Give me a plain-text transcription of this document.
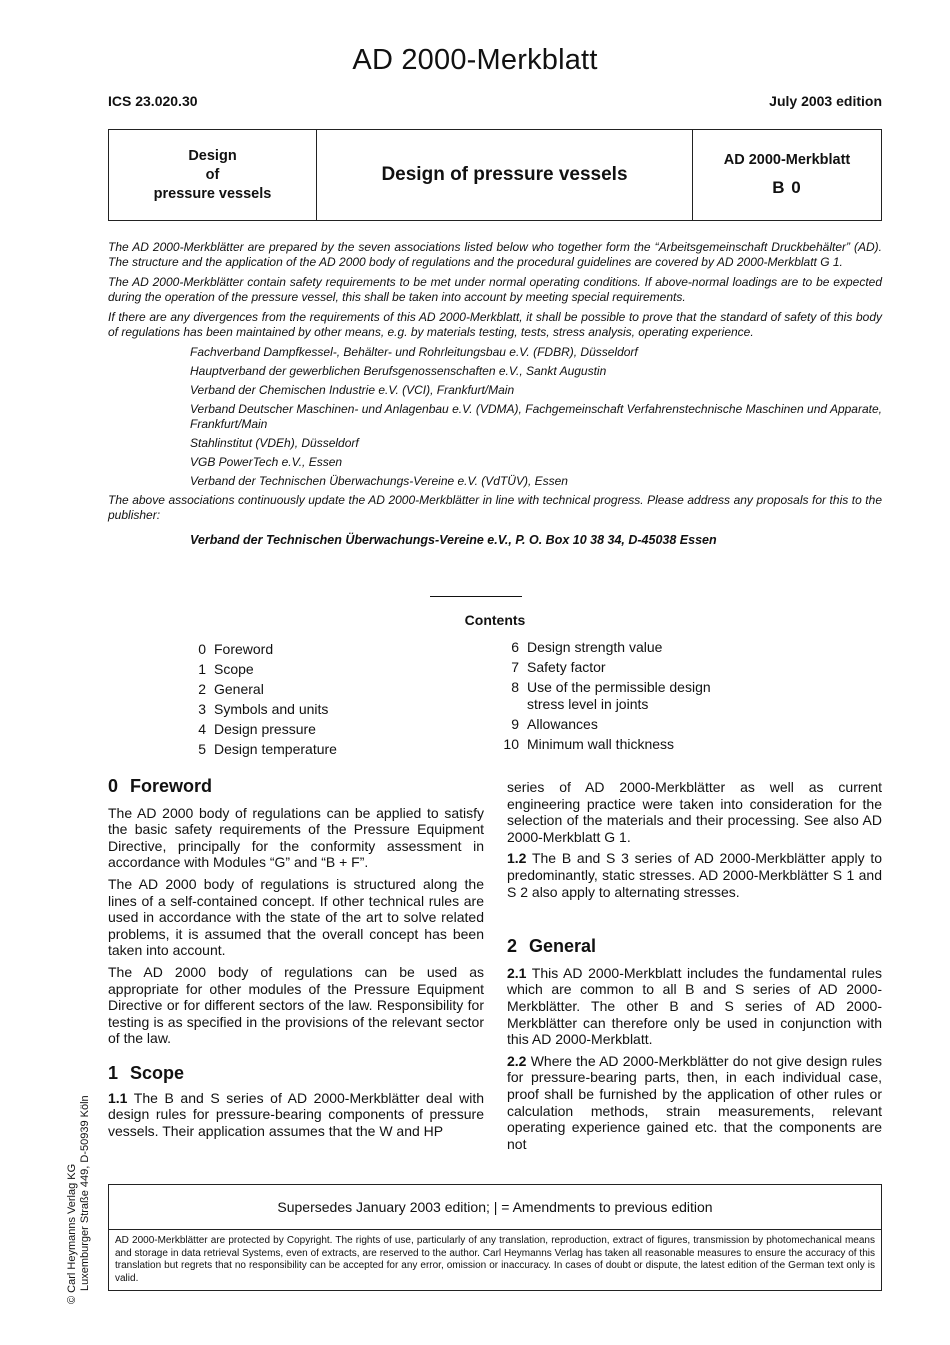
AD 2000-Merkblatt
ICS 23.020.30	July 2003 edition
Design
of
pressure vessels
Design of pressure vessels
AD 2000-Merkblatt
B 0

The AD 2000-Merkblätter are prepared by the seven associations listed below who together form the “Arbeitsgemeinschaft Druckbehälter” (AD). The structure and the application of the AD 2000 body of regulations and the procedural guidelines are covered by AD 2000-Merkblatt G 1.

The AD 2000-Merkblätter contain safety requirements to be met under normal operating conditions. If above-normal loadings are to be expected during the operation of the pressure vessel, this shall be taken into account by meeting special requirements.

If there are any divergences from the requirements of this AD 2000-Merkblatt, it shall be possible to prove that the standard of safety of this body of regulations has been maintained by other means, e.g. by materials testing, tests, stress analysis, operating experience.

Fachverband Dampfkessel-, Behälter- und Rohrleitungsbau e.V. (FDBR), Düsseldorf

Hauptverband der gewerblichen Berufsgenossenschaften e.V., Sankt Augustin

Verband der Chemischen Industrie e.V. (VCI), Frankfurt/Main

Verband Deutscher Maschinen- und Anlagenbau e.V. (VDMA), Fachgemeinschaft Verfahrenstechnische Maschinen und Apparate, Frankfurt/Main

Stahlinstitut (VDEh), Düsseldorf

VGB PowerTech e.V., Essen

Verband der Technischen Überwachungs-Vereine e.V. (VdTÜV), Essen

The above associations continuously update the AD 2000-Merkblätter in line with technical progress. Please address any proposals for this to the publisher:

Verband der Technischen Überwachungs-Vereine e.V., P. O. Box 10 38 34, D-45038 Essen

Contents
0 Foreword
1 Scope
2 General
3 Symbols and units
4 Design pressure
5 Design temperature
6 Design strength value
7 Safety factor
8 Use of the permissible design stress level in joints
9 Allowances
10 Minimum wall thickness
0 Foreword

The AD 2000 body of regulations can be applied to satisfy the basic safety requirements of the Pressure Equipment Directive, principally for the conformity assessment in accordance with Modules “G” and “B + F”.

The AD 2000 body of regulations is structured along the lines of a self-contained concept. If other technical rules are used in accordance with the state of the art to solve related problems, it is assumed that the overall concept has been taken into account.

The AD 2000 body of regulations can be used as appropriate for other modules of the Pressure Equipment Directive or for different sectors of the law. Responsibility for testing is as specified in the provisions of the relevant sector of the law.

1 Scope

1.1 The B and S series of AD 2000-Merkblätter deal with design rules for pressure-bearing components of pressure vessels. Their application assumes that the W and HP

series of AD 2000-Merkblätter as well as current engineering practice were taken into consideration for the selection of the materials and their processing. See also AD 2000-Merkblatt G 1.

1.2 The B and S 3 series of AD 2000-Merkblätter apply to predominantly, static stresses. AD 2000-Merkblätter S 1 and S 2 also apply to alternating stresses.

2 General

2.1 This AD 2000-Merkblatt includes the fundamental rules which are common to all B and S series of AD 2000-Merkblätter. The other B and S series of AD 2000-Merkblätter can therefore only be used in conjunction with this AD 2000-Merkblatt.

2.2 Where the AD 2000-Merkblätter do not give design rules for pressure-bearing parts, then, in each individual case, proof shall be furnished by the application of other rules or calculation methods, strain measurements, relevant operating experience gained etc. that the components are not

© Carl Heymanns Verlag KG Luxemburger Straße 449, D-50939 Köln	Supersedes January 2003 edition; | = Amendments to previous edition
AD 2000-Merkblätter are protected by Copyright. The rights of use, particularly of any translation, reproduction, extract of figures, transmission by photomechanical means and storage in data retrieval Systems, even of extracts, are reserved to the author. Carl Heymanns Verlag has taken all reasonable measures to ensure the accuracy of this translation but regrets that no responsibility can be accepted for any error, omission or inaccuracy. In cases of doubt or dispute, the latest edition of the German text only is valid.
